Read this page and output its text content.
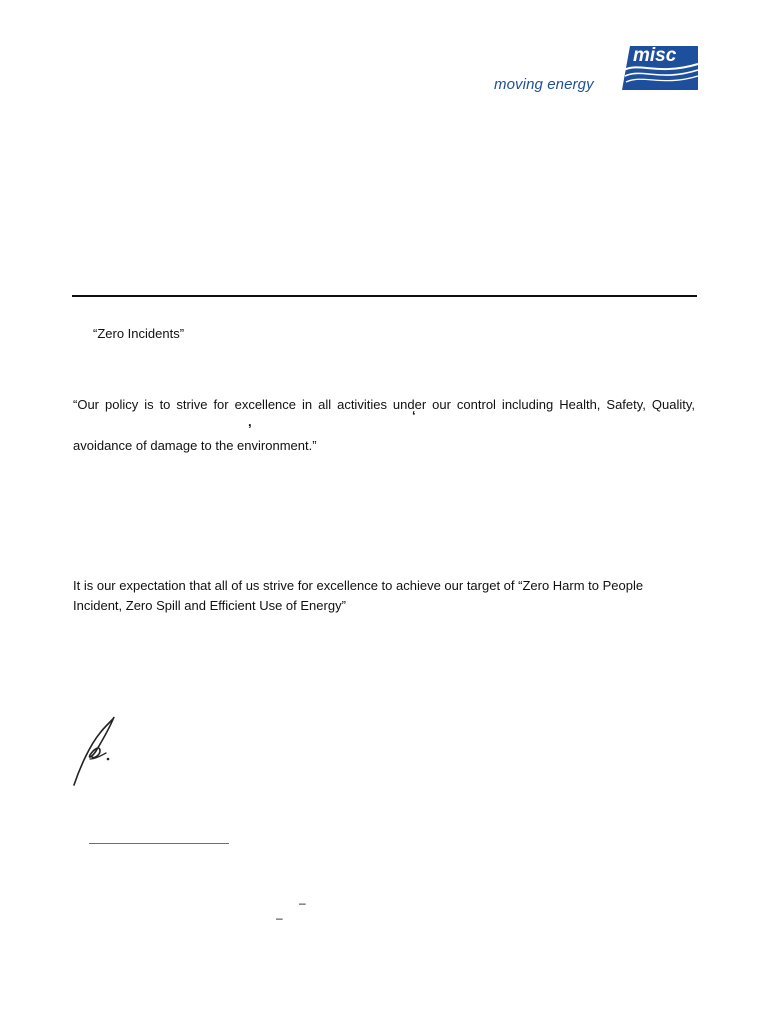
misc
moving energy
“Zero Incidents”
“Our policy is to strive for excellence in all activities under our control including Health, Safety, Quality,
,	‘
avoidance of damage to the environment.”
It is our expectation that all of us strive for excellence to achieve our target of “Zero Harm to People Incident, Zero Spill and Efficient Use of Energy”
–
–
